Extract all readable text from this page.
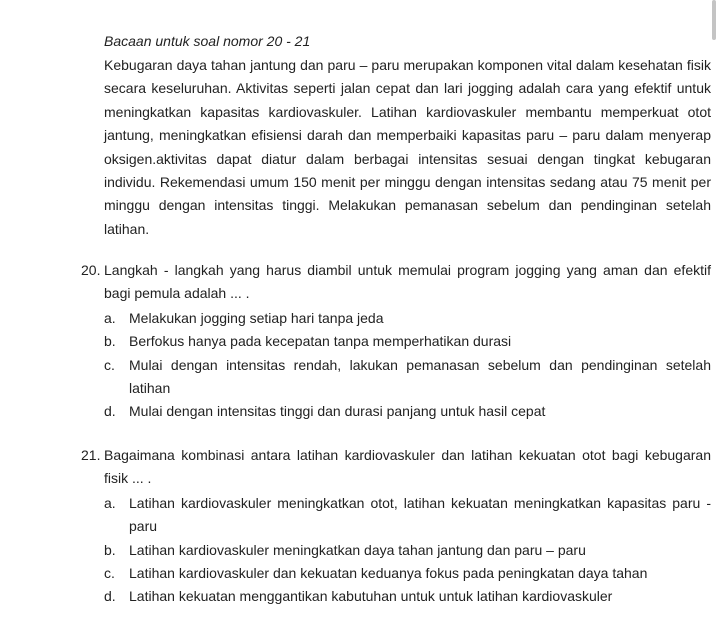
Bacaan untuk soal nomor 20 - 21

Kebugaran daya tahan jantung dan paru – paru merupakan komponen vital dalam kesehatan fisik secara keseluruhan. Aktivitas seperti jalan cepat dan lari jogging adalah cara yang efektif untuk meningkatkan kapasitas kardiovaskuler. Latihan kardiovaskuler membantu memperkuat otot jantung, meningkatkan efisiensi darah dan memperbaiki kapasitas paru – paru dalam menyerap oksigen.aktivitas dapat diatur dalam berbagai intensitas sesuai dengan tingkat kebugaran individu. Rekemendasi umum 150 menit per minggu dengan intensitas sedang atau 75 menit per minggu dengan intensitas tinggi. Melakukan pemanasan sebelum dan pendinginan setelah latihan.

20. Langkah - langkah yang harus diambil untuk memulai program jogging yang aman dan efektif bagi pemula adalah ... .
a. Melakukan jogging setiap hari tanpa jeda
b. Berfokus hanya pada kecepatan tanpa memperhatikan durasi
c. Mulai dengan intensitas rendah, lakukan pemanasan sebelum dan pendinginan setelah latihan
d. Mulai dengan intensitas tinggi dan durasi panjang untuk hasil cepat
21. Bagaimana kombinasi antara latihan kardiovaskuler dan latihan kekuatan otot bagi kebugaran fisik ... .
a. Latihan kardiovaskuler meningkatkan otot, latihan kekuatan meningkatkan kapasitas paru - paru
b. Latihan kardiovaskuler meningkatkan daya tahan jantung dan paru – paru
c. Latihan kardiovaskuler dan kekuatan keduanya fokus pada peningkatan daya tahan
d. Latihan kekuatan menggantikan kabutuhan untuk untuk latihan kardiovaskuler
